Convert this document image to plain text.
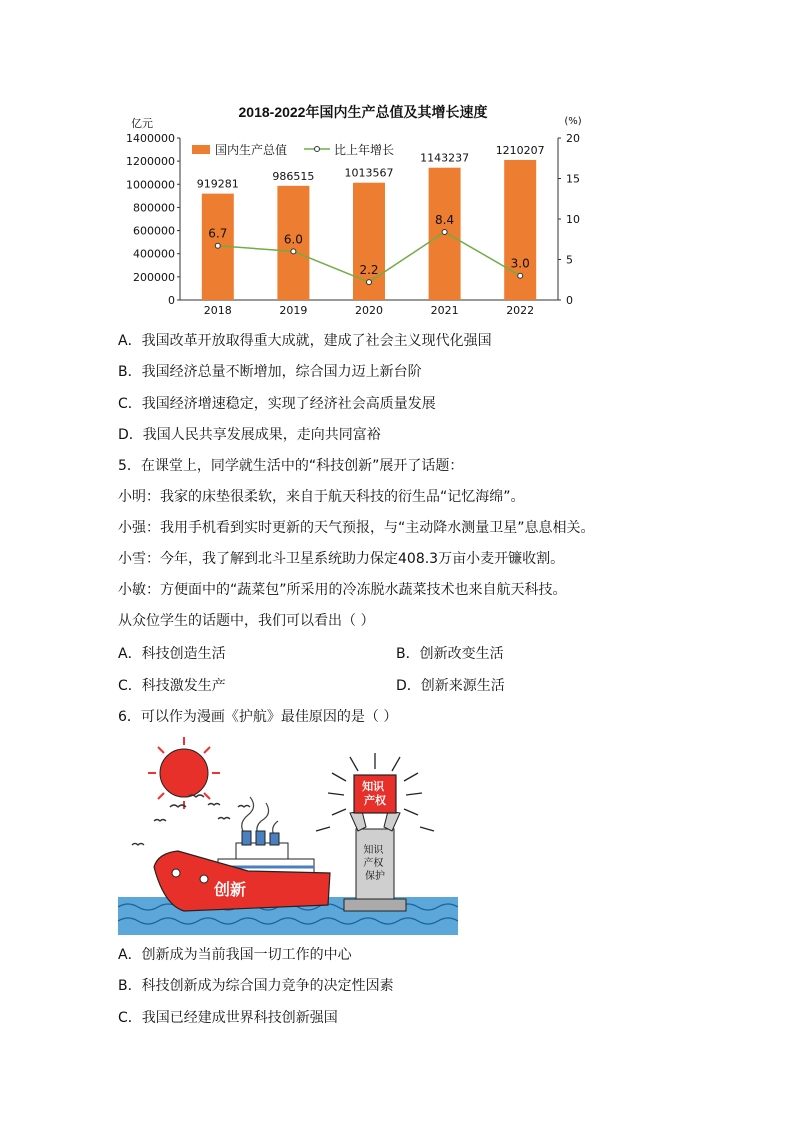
2018-2022年国内生产总值及其增长速度
亿元	(%)
国内生产总值	比上年增长
0
200000
400000
600000
800000
1000000
1200000
1400000
0
5
10
15
20
919281
986515	1013567
1143237
1210207
6.7	6.0
2.2
8.4
3.0
2018	2019	2020	2021	2022
A．我国改革开放取得重大成就，建成了社会主义现代化强国
B．我国经济总量不断增加，综合国力迈上新台阶
C．我国经济增速稳定，实现了经济社会高质量发展
D．我国人民共享发展成果，走向共同富裕
5．在课堂上，同学就生活中的“科技创新”展开了话题：
小明：我家的床垫很柔软，来自于航天科技的衍生品“记忆海绵”。
小强：我用手机看到实时更新的天气预报，与“主动降水测量卫星”息息相关。
小雪：今年，我了解到北斗卫星系统助力保定408.3万亩小麦开镰收割。
小敏：方便面中的“蔬菜包”所采用的冷冻脱水蔬菜技术也来自航天科技。
从众位学生的话题中，我们可以看出（ ）
A．科技创造生活	B．创新改变生活
C．科技激发生产	D．创新来源生活
6．可以作为漫画《护航》最佳原因的是（ ）
创新
知识 产权 保护
知识 产权
A．创新成为当前我国一切工作的中心
B．科技创新成为综合国力竞争的决定性因素
C．我国已经建成世界科技创新强国
